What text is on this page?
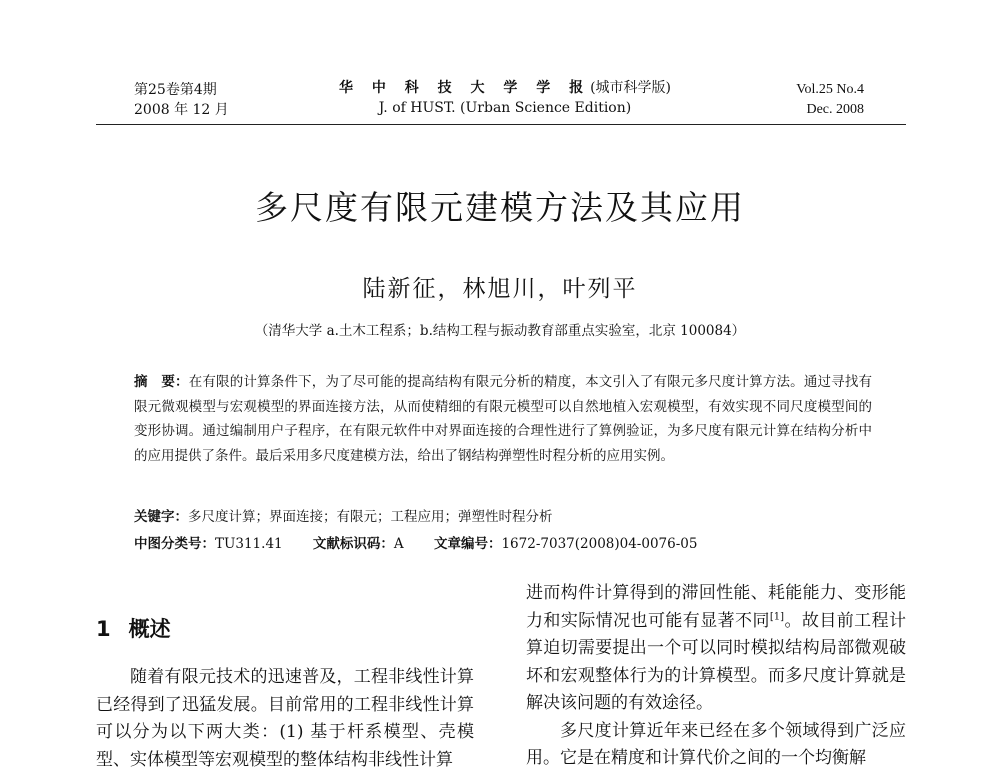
第25卷第4期
2008 年 12 月
华 中 科 技 大 学 学 报(城市科学版)
J. of HUST. (Urban Science Edition)
Vol.25 No.4
Dec. 2008
多尺度有限元建模方法及其应用
陆新征，林旭川，叶列平
（清华大学 a.土木工程系；b.结构工程与振动教育部重点实验室，北京 100084）
摘　要：在有限的计算条件下，为了尽可能的提高结构有限元分析的精度，本文引入了有限元多尺度计算方法。通过寻找有限元微观模型与宏观模型的界面连接方法，从而使精细的有限元模型可以自然地植入宏观模型，有效实现不同尺度模型间的变形协调。通过编制用户子程序，在有限元软件中对界面连接的合理性进行了算例验证，为多尺度有限元计算在结构分析中的应用提供了条件。最后采用多尺度建模方法，给出了钢结构弹塑性时程分析的应用实例。
关键字：多尺度计算；界面连接；有限元；工程应用；弹塑性时程分析
中图分类号：TU311.41 文献标识码：A 文章编号：1672-7037(2008)04-0076-05
1 概述

随着有限元技术的迅速普及，工程非线性计算已经得到了迅猛发展。目前常用的工程非线性计算可以分为以下两大类：(1) 基于杆系模型、壳模型、实体模型等宏观模型的整体结构非线性计算

进而构件计算得到的滞回性能、耗能能力、变形能力和实际情况也可能有显著不同[1]。故目前工程计算迫切需要提出一个可以同时模拟结构局部微观破坏和宏观整体行为的计算模型。而多尺度计算就是解决该问题的有效途径。

多尺度计算近年来已经在多个领域得到广泛应用。它是在精度和计算代价之间的一个均衡解
